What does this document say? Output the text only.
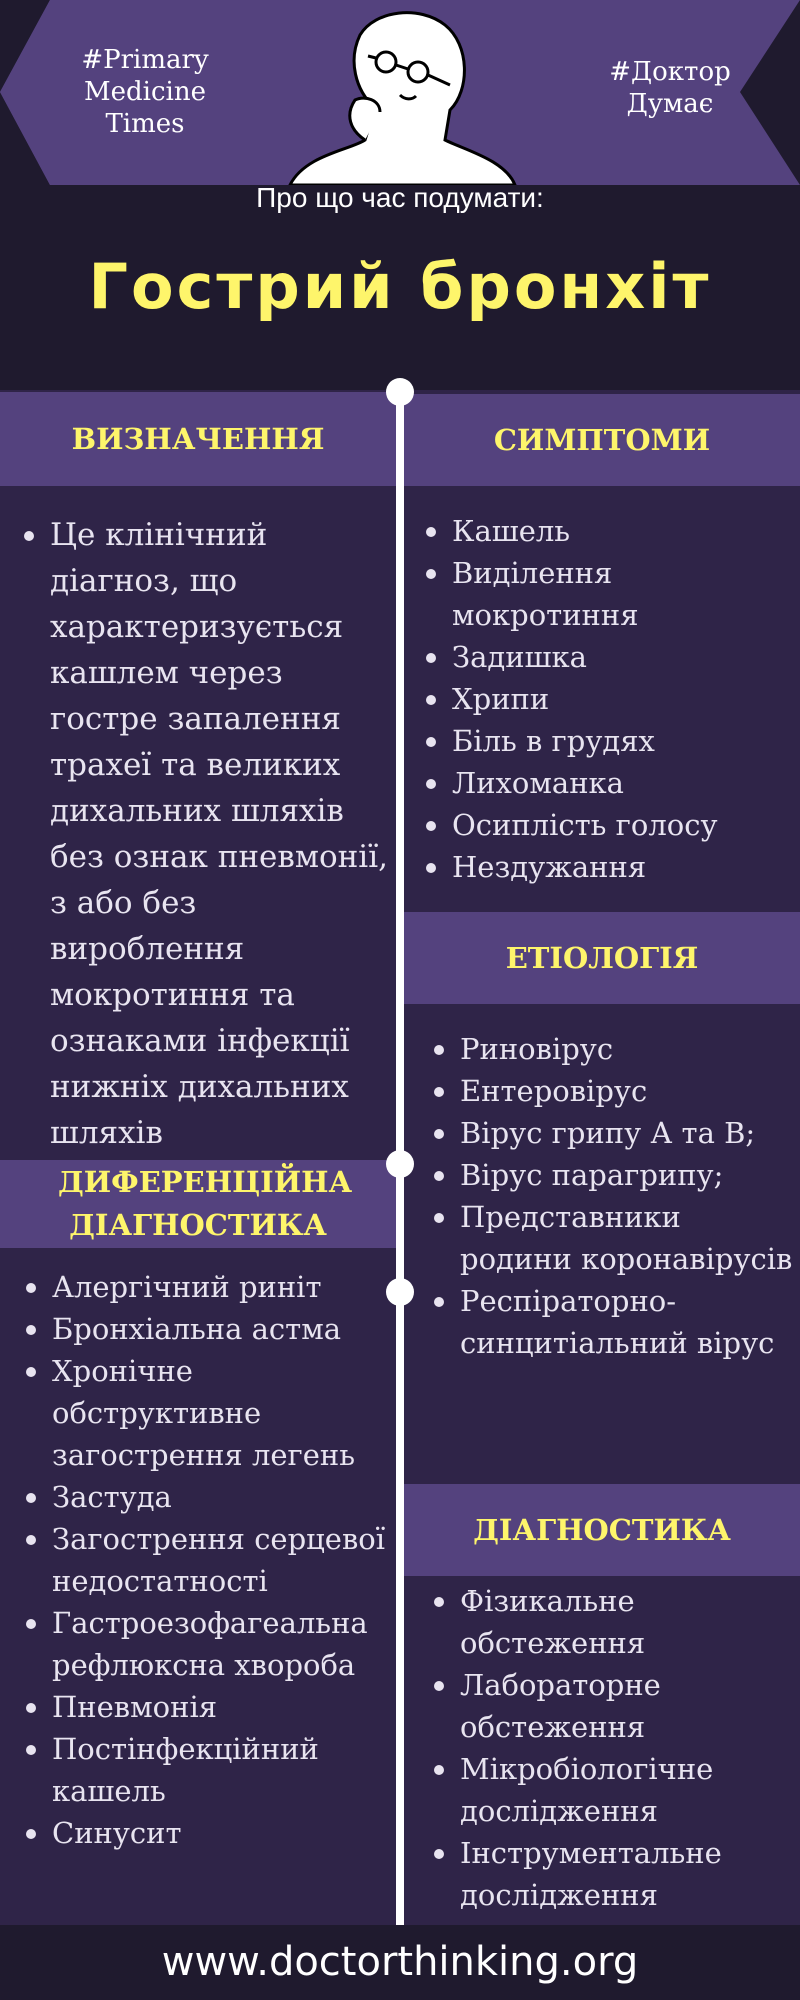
#Primary
Medicine
Times
#Доктор
Думає
Про що час подумати:
Гострий бронхіт
ВИЗНАЧЕННЯ
Це клінічний діагноз, що характеризується кашлем через гостре запалення трахеї та великих дихальних шляхів без ознак пневмонії, з або без вироблення мокротиння та ознаками інфекції нижніх дихальних шляхів
ДИФЕРЕНЦІЙНА ДІАГНОСТИКА
Алергічний риніт
Бронхіальна астма
Хронічне обструктивне загострення легень
Застуда
Загострення серцевої недостатності
Гастроезофагеальна рефлюксна хвороба
Пневмонія
Постінфекційний кашель
Синусит
СИМПТОМИ
Кашель
Виділення мокротиння
Задишка
Хрипи
Біль в грудях
Лихоманка
Осиплість голосу
Нездужання
ЕТІОЛОГІЯ
Риновірус
Ентеровірус
Вірус грипу А та В;
Вірус парагрипу;
Представники родини коронавірусів
Респіраторно-синцитіальний вірус
ДІАГНОСТИКА
Фізикальне обстеження
Лабораторне обстеження
Мікробіологічне дослідження
Інструментальне дослідження
www.doctorthinking.org
